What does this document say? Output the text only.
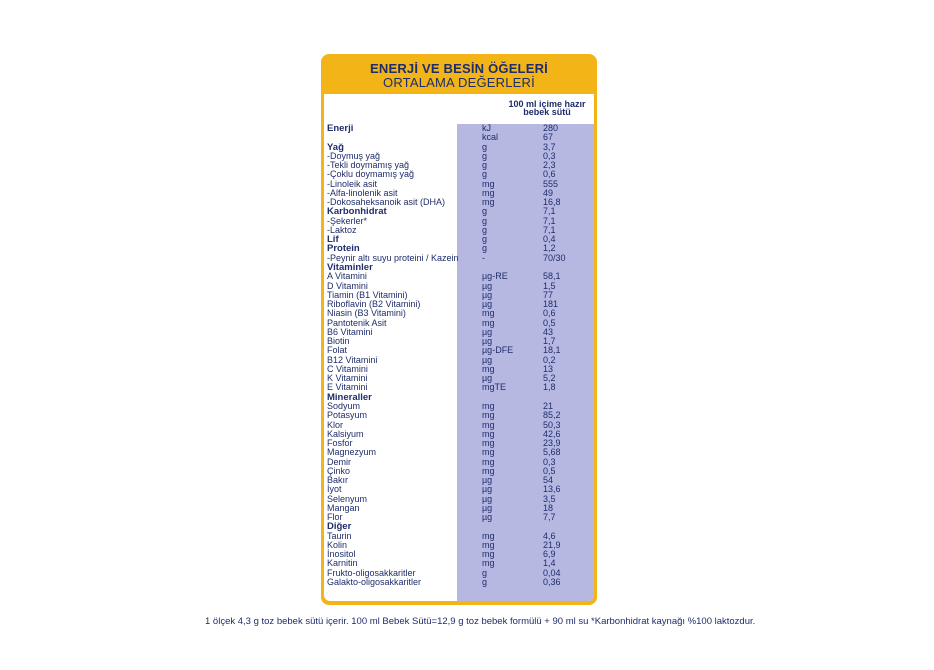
ENERJİ VE BESİN ÖĞELERİ
ORTALAMA DEĞERLERİ
100 ml içime hazır
bebek sütü
Enerji	kJ	280
kcal	67
Yağ	g	3,7
-Doymuş yağ	g	0,3
-Tekli doymamış yağ	g	2,3
-Çoklu doymamış yağ	g	0,6
-Linoleik asit	mg	555
-Alfa-linolenik asit	mg	49
-Dokosaheksanoik asit (DHA)	mg	16,8
Karbonhidrat	g	7,1
-Şekerler*	g	7,1
-Laktoz	g	7,1
Lif	g	0,4
Protein	g	1,2
-Peynir altı suyu proteini / Kazein	-	70/30
Vitaminler
A Vitamini	µg-RE	58,1
D Vitamini	µg	1,5
Tiamin (B1 Vitamini)	µg	77
Riboflavin (B2 Vitamini)	µg	181
Niasin (B3 Vitamini)	mg	0,6
Pantotenik Asit	mg	0,5
B6 Vitamini	µg	43
Biotin	µg	1,7
Folat	µg-DFE	18,1
B12 Vitamini	µg	0,2
C Vitamini	mg	13
K Vitamini	µg	5,2
E Vitamini	mgTE	1,8
Mineraller
Sodyum	mg	21
Potasyum	mg	85,2
Klor	mg	50,3
Kalsiyum	mg	42,6
Fosfor	mg	23,9
Magnezyum	mg	5,68
Demir	mg	0,3
Çinko	mg	0,5
Bakır	µg	54
İyot	µg	13,6
Selenyum	µg	3,5
Mangan	µg	18
Flor	µg	7,7
Diğer
Taurin	mg	4,6
Kolin	mg	21,9
İnositol	mg	6,9
Karnitin	mg	1,4
Frukto-oligosakkaritler	g	0,04
Galakto-oligosakkaritler	g	0,36
1 ölçek 4,3 g toz bebek sütü içerir. 100 ml Bebek Sütü=12,9 g toz bebek formülü + 90 ml su *Karbonhidrat kaynağı %100 laktozdur.
